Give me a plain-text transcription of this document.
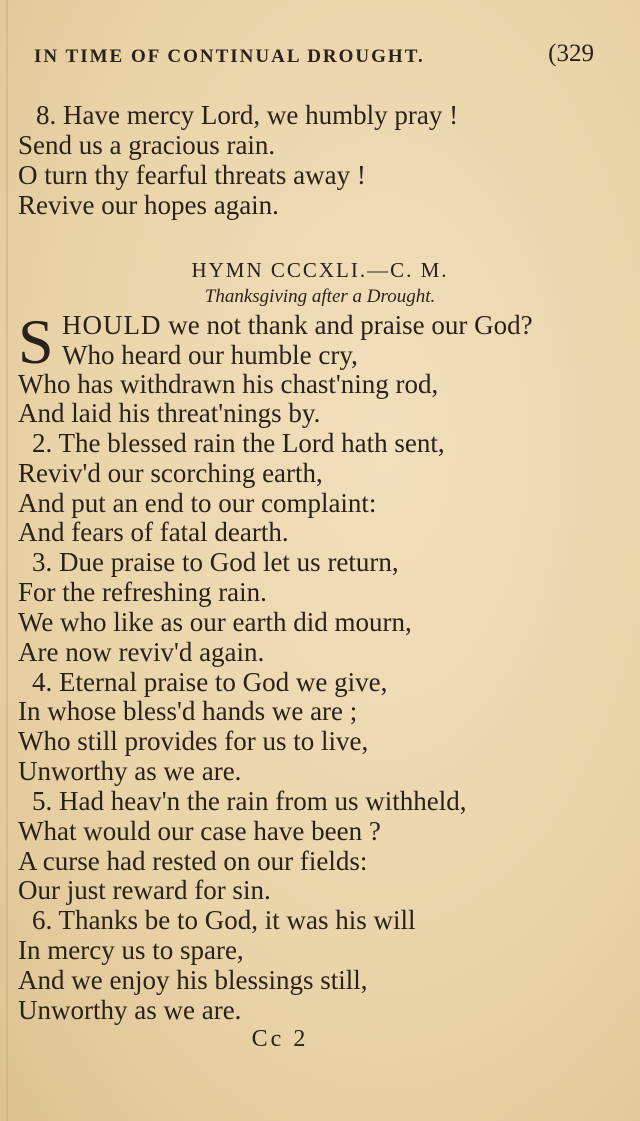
IN TIME OF CONTINUAL DROUGHT.	(329
8. Have mercy Lord, we humbly pray !
Send us a gracious rain.
O turn thy fearful threats away !
Revive our hopes again.
HYMN CCCXLI.—C. M.
Thanksgiving after a Drought.
S HOULD we not thank and praise our God?
Who heard our humble cry,
Who has withdrawn his chast'ning rod,
And laid his threat'nings by.
2. The blessed rain the Lord hath sent,
Reviv'd our scorching earth,
And put an end to our complaint:
And fears of fatal dearth.
3. Due praise to God let us return,
For the refreshing rain.
We who like as our earth did mourn,
Are now reviv'd again.
4. Eternal praise to God we give,
In whose bless'd hands we are ;
Who still provides for us to live,
Unworthy as we are.
5. Had heav'n the rain from us withheld,
What would our case have been ?
A curse had rested on our fields:
Our just reward for sin.
6. Thanks be to God, it was his will
In mercy us to spare,
And we enjoy his blessings still,
Unworthy as we are.
Cc 2
